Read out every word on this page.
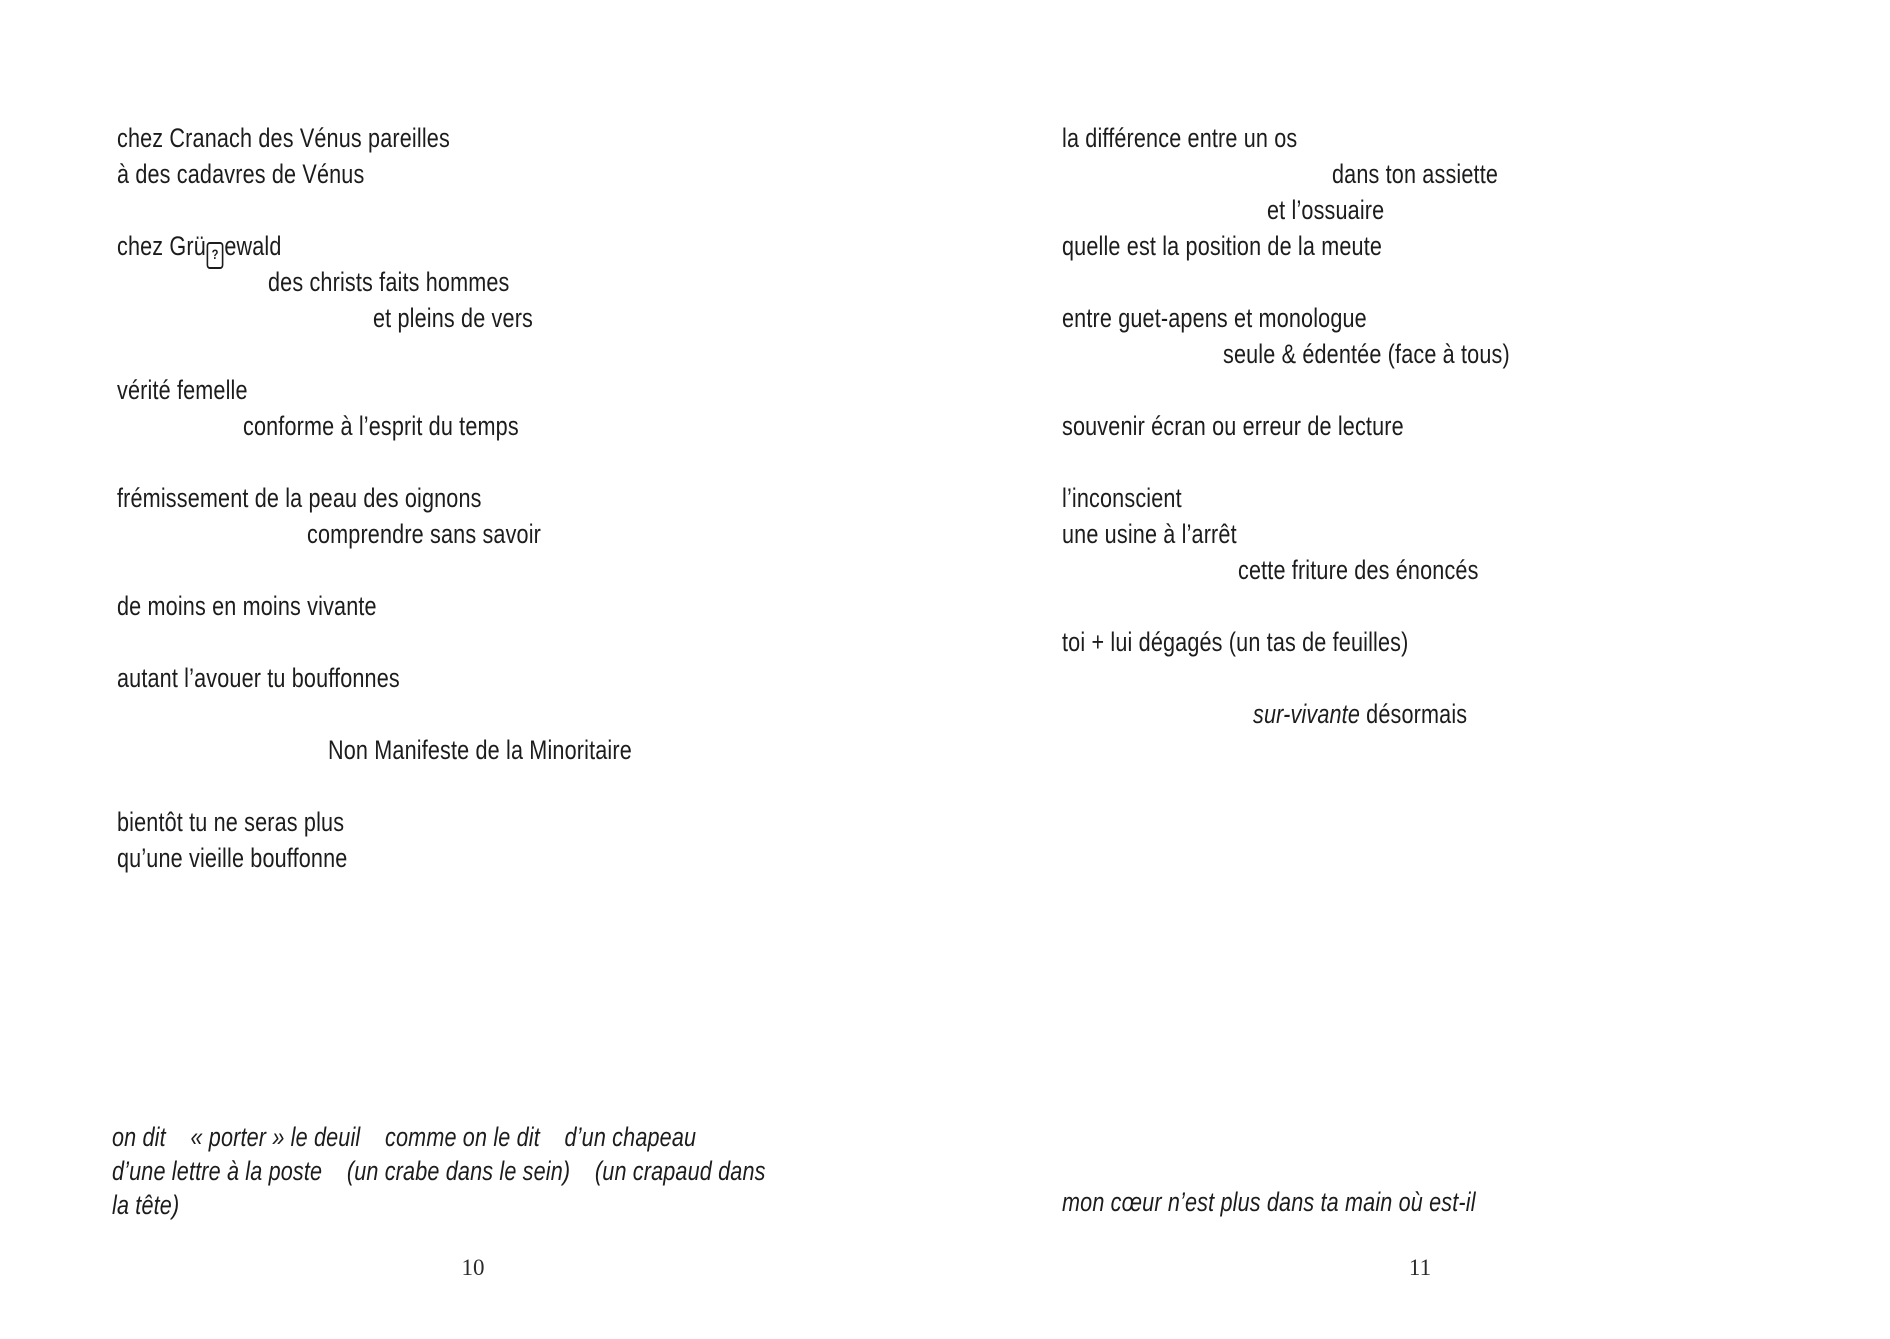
chez Cranach des Vénus pareilles
à des cadavres de Vénus
chez Grü ? ewald
des christs faits hommes
et pleins de vers
vérité femelle
conforme à l’esprit du temps
frémissement de la peau des oignons
comprendre sans savoir
de moins en moins vivante
autant l’avouer tu bouffonnes
Non Manifeste de la Minoritaire
bientôt tu ne seras plus
qu’une vieille bouffonne
on dit    « porter » le deuil    comme on le dit    d’un chapeau
d’une lettre à la poste    (un crabe dans le sein)    (un crapaud dans
la tête)
10
la différence entre un os
dans ton assiette
et l’ossuaire
quelle est la position de la meute
entre guet-apens et monologue
seule & édentée (face à tous)
souvenir écran ou erreur de lecture
l’inconscient
une usine à l’arrêt
cette friture des énoncés
toi + lui dégagés (un tas de feuilles)
sur-vivante désormais
mon cœur n’est plus dans ta main où est-il
11
